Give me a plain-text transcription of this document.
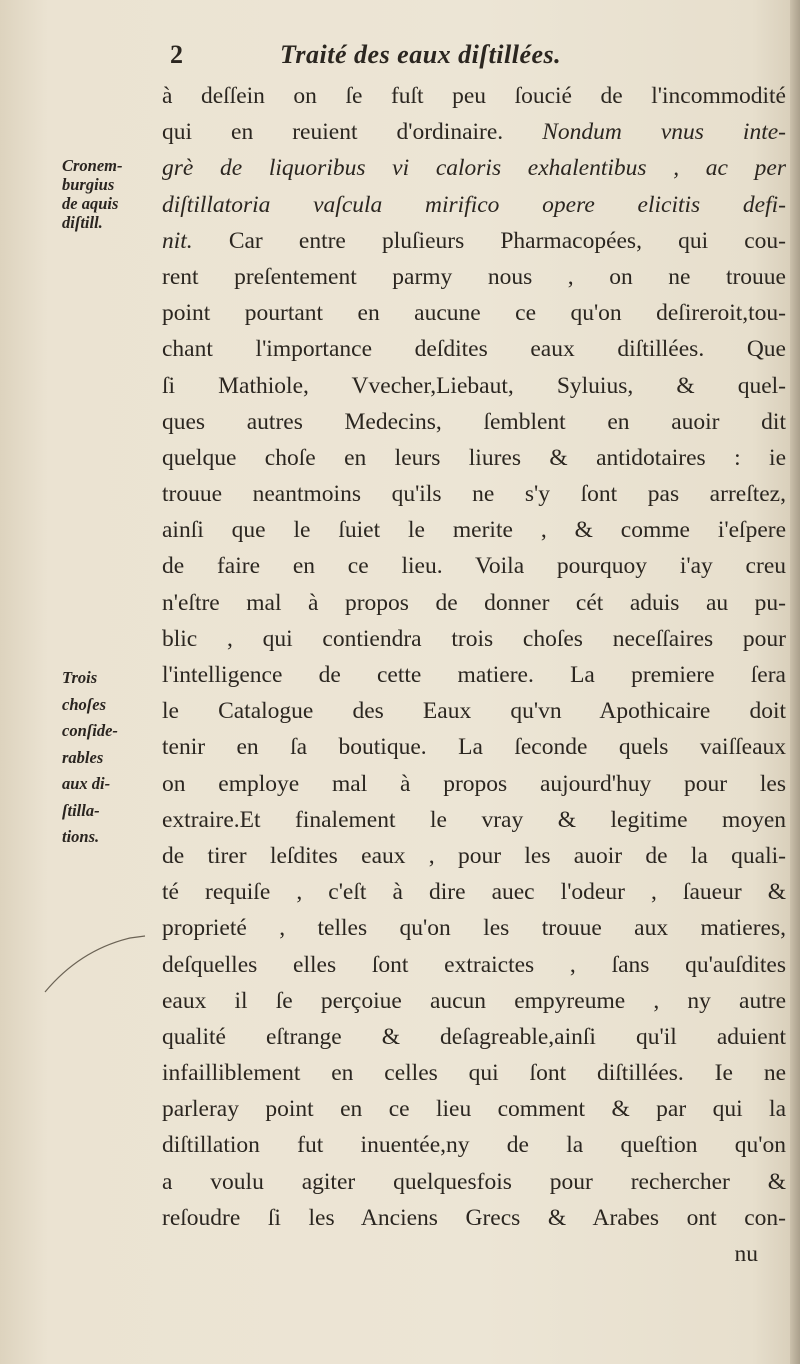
2	Traité des eaux diſtillées.
Cronem-
burgius
de aquis
diſtill.
Trois
choſes
conſide-
rables
aux di-
ſtilla-
tions.
à deſſein on ſe fuſt peu ſoucié de l'incommodité
qui en reuient d'ordinaire. Nondum vnus inte-
grè de liquoribus vi caloris exhalentibus , ac per
diſtillatoria vaſcula mirifico opere elicitis defi-
nit. Car entre pluſieurs Pharmacopées, qui cou-
rent preſentement parmy nous , on ne trouue
point pourtant en aucune ce qu'on deſireroit,tou-
chant l'importance deſdites eaux diſtillées. Que
ſi Mathiole, Vvecher,Liebaut, Syluius, & quel-
ques autres Medecins, ſemblent en auoir dit
quelque choſe en leurs liures & antidotaires : ie
trouue neantmoins qu'ils ne s'y ſont pas arreſtez,
ainſi que le ſuiet le merite , & comme i'eſpere
de faire en ce lieu. Voila pourquoy i'ay creu
n'eſtre mal à propos de donner cét aduis au pu-
blic , qui contiendra trois choſes neceſſaires pour
l'intelligence de cette matiere. La premiere ſera
le Catalogue des Eaux qu'vn Apothicaire doit
tenir en ſa boutique. La ſeconde quels vaiſſeaux
on employe mal à propos aujourd'huy pour les
extraire.Et finalement le vray & legitime moyen
de tirer leſdites eaux , pour les auoir de la quali-
té requiſe , c'eſt à dire auec l'odeur , ſaueur &
proprieté , telles qu'on les trouue aux matieres,
deſquelles elles ſont extraictes , ſans qu'auſdites
eaux il ſe perçoiue aucun empyreume , ny autre
qualité eſtrange & deſagreable,ainſi qu'il aduient
infailliblement en celles qui ſont diſtillées. Ie ne
parleray point en ce lieu comment & par qui la
diſtillation fut inuentée,ny de la queſtion qu'on
a voulu agiter quelquesfois pour rechercher &
reſoudre ſi les Anciens Grecs & Arabes ont con-
nu
